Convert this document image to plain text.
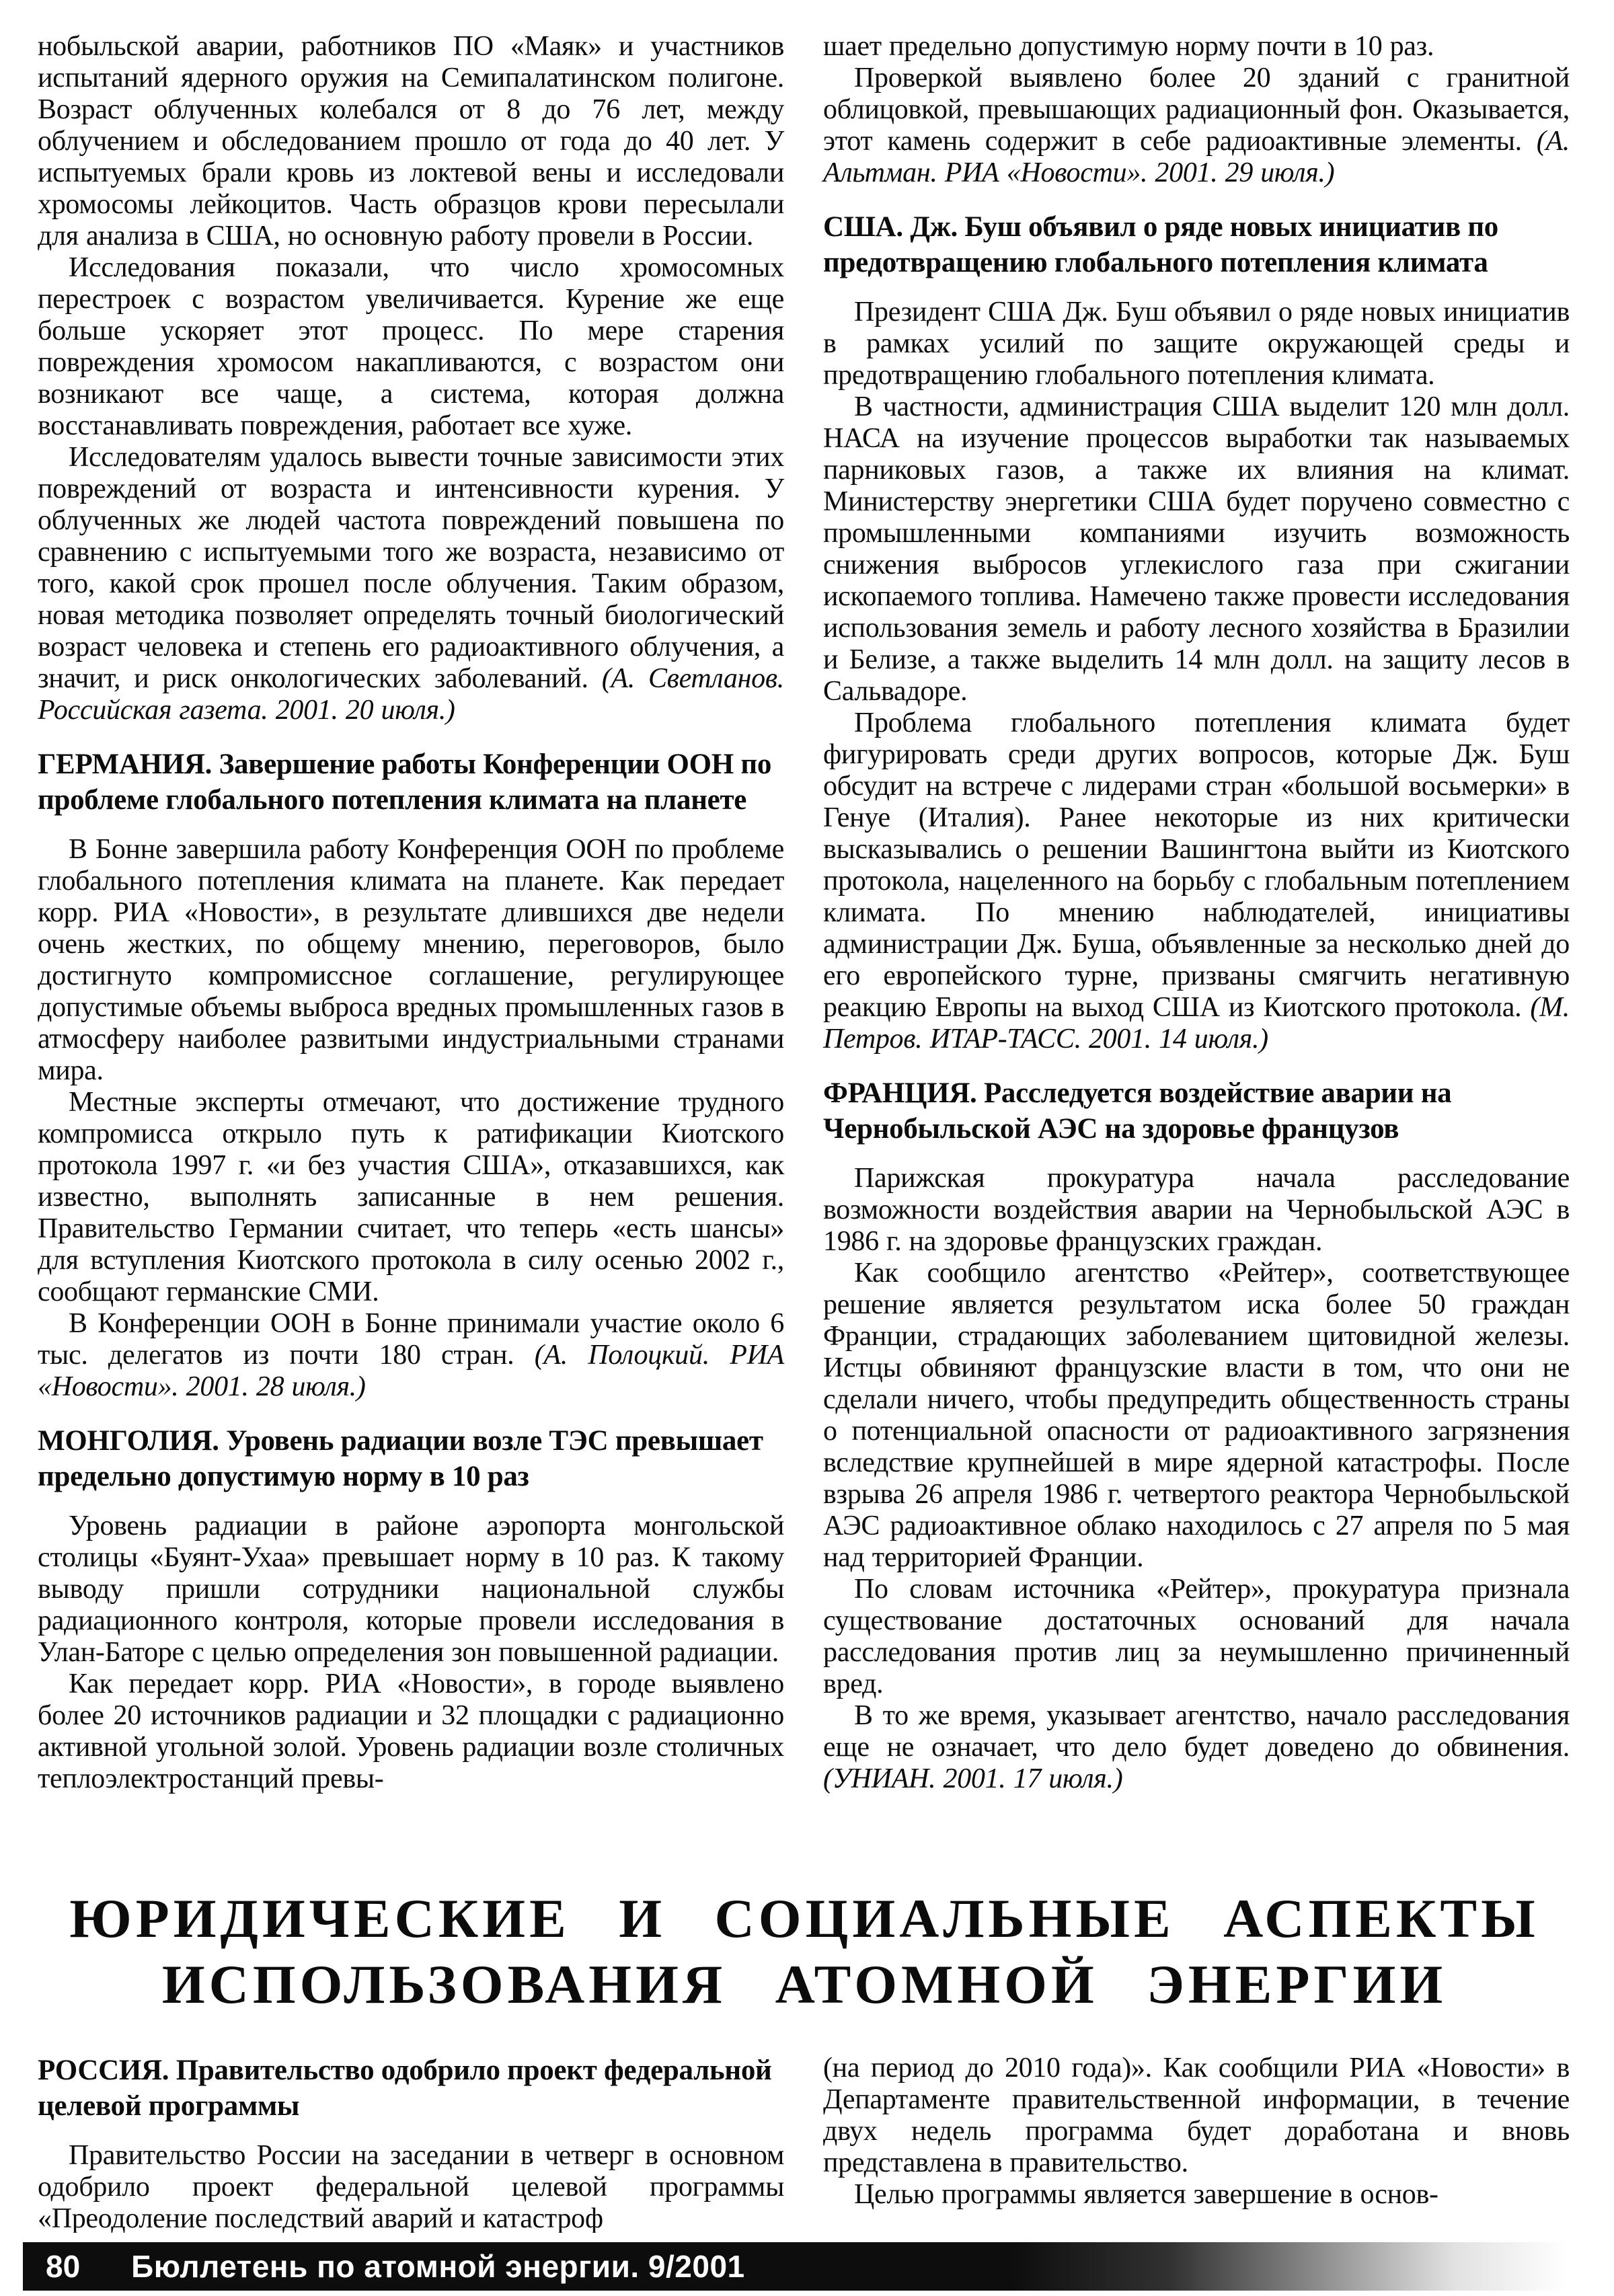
нобыльской аварии, работников ПО «Маяк» и участников испытаний ядерного оружия на Семипалатинском полигоне. Возраст облученных колебался от 8 до 76 лет, между облучением и обследованием прошло от года до 40 лет. У испытуемых брали кровь из локтевой вены и исследовали хромосомы лейкоцитов. Часть образцов крови пересылали для анализа в США, но основную работу провели в России.

Исследования показали, что число хромосомных перестроек с возрастом увеличивается. Курение же еще больше ускоряет этот процесс. По мере старения повреждения хромосом накапливаются, с возрастом они возникают все чаще, а система, которая должна восстанавливать повреждения, работает все хуже.

Исследователям удалось вывести точные зависимости этих повреждений от возраста и интенсивности курения. У облученных же людей частота повреждений повышена по сравнению с испытуемыми того же возраста, независимо от того, какой срок прошел после облучения. Таким образом, новая методика позволяет определять точный биологический возраст человека и степень его радиоактивного облучения, а значит, и риск онкологических заболеваний. (А. Светланов. Российская газета. 2001. 20 июля.)

ГЕРМАНИЯ. Завершение работы Конференции ООН по проблеме глобального потепления климата на планете

В Бонне завершила работу Конференция ООН по проблеме глобального потепления климата на планете. Как передает корр. РИА «Новости», в результате длившихся две недели очень жестких, по общему мнению, переговоров, было достигнуто компромиссное соглашение, регулирующее допустимые объемы выброса вредных промышленных газов в атмосферу наиболее развитыми индустриальными странами мира.

Местные эксперты отмечают, что достижение трудного компромисса открыло путь к ратификации Киотского протокола 1997 г. «и без участия США», отказавшихся, как известно, выполнять записанные в нем решения. Правительство Германии считает, что теперь «есть шансы» для вступления Киотского протокола в силу осенью 2002 г., сообщают германские СМИ.

В Конференции ООН в Бонне принимали участие около 6 тыс. делегатов из почти 180 стран. (А. Полоцкий. РИА «Новости». 2001. 28 июля.)

МОНГОЛИЯ. Уровень радиации возле ТЭС превышает предельно допустимую норму в 10 раз

Уровень радиации в районе аэропорта монгольской столицы «Буянт-Ухаа» превышает норму в 10 раз. К такому выводу пришли сотрудники национальной службы радиационного контроля, которые провели исследования в Улан-Баторе с целью определения зон повышенной радиации.

Как передает корр. РИА «Новости», в городе выявлено более 20 источников радиации и 32 площадки с радиационно активной угольной золой. Уровень радиации возле столичных теплоэлектростанций превы-

шает предельно допустимую норму почти в 10 раз.

Проверкой выявлено более 20 зданий с гранитной облицовкой, превышающих радиационный фон. Оказывается, этот камень содержит в себе радиоактивные элементы. (А. Альтман. РИА «Новости». 2001. 29 июля.)

США. Дж. Буш объявил о ряде новых инициатив по предотвращению глобального потепления климата

Президент США Дж. Буш объявил о ряде новых инициатив в рамках усилий по защите окружающей среды и предотвращению глобального потепления климата.

В частности, администрация США выделит 120 млн долл. НАСА на изучение процессов выработки так называемых парниковых газов, а также их влияния на климат. Министерству энергетики США будет поручено совместно с промышленными компаниями изучить возможность снижения выбросов углекислого газа при сжигании ископаемого топлива. Намечено также провести исследования использования земель и работу лесного хозяйства в Бразилии и Белизе, а также выделить 14 млн долл. на защиту лесов в Сальвадоре.

Проблема глобального потепления климата будет фигурировать среди других вопросов, которые Дж. Буш обсудит на встрече с лидерами стран «большой восьмерки» в Генуе (Италия). Ранее некоторые из них критически высказывались о решении Вашингтона выйти из Киотского протокола, нацеленного на борьбу с глобальным потеплением климата. По мнению наблюдателей, инициативы администрации Дж. Буша, объявленные за несколько дней до его европейского турне, призваны смягчить негативную реакцию Европы на выход США из Киотского протокола. (М. Петров. ИТАР-ТАСС. 2001. 14 июля.)

ФРАНЦИЯ. Расследуется воздействие аварии на Чернобыльской АЭС на здоровье французов

Парижская прокуратура начала расследование возможности воздействия аварии на Чернобыльской АЭС в 1986 г. на здоровье французских граждан.

Как сообщило агентство «Рейтер», соответствующее решение является результатом иска более 50 граждан Франции, страдающих заболеванием щитовидной железы. Истцы обвиняют французские власти в том, что они не сделали ничего, чтобы предупредить общественность страны о потенциальной опасности от радиоактивного загрязнения вследствие крупнейшей в мире ядерной катастрофы. После взрыва 26 апреля 1986 г. четвертого реактора Чернобыльской АЭС радиоактивное облако находилось с 27 апреля по 5 мая над территорией Франции.

По словам источника «Рейтер», прокуратура признала существование достаточных оснований для начала расследования против лиц за неумышленно причиненный вред.

В то же время, указывает агентство, начало расследования еще не означает, что дело будет доведено до обвинения. (УНИАН. 2001. 17 июля.)

ЮРИДИЧЕСКИЕ И СОЦИАЛЬНЫЕ АСПЕКТЫ
ИСПОЛЬЗОВАНИЯ АТОМНОЙ ЭНЕРГИИ
РОССИЯ. Правительство одобрило проект федеральной целевой программы

Правительство России на заседании в четверг в основном одобрило проект федеральной целевой программы «Преодоление последствий аварий и катастроф

(на период до 2010 года)». Как сообщили РИА «Новости» в Департаменте правительственной информации, в течение двух недель программа будет доработана и вновь представлена в правительство.

Целью программы является завершение в основ-

80 Бюллетень по атомной энергии. 9/2001
